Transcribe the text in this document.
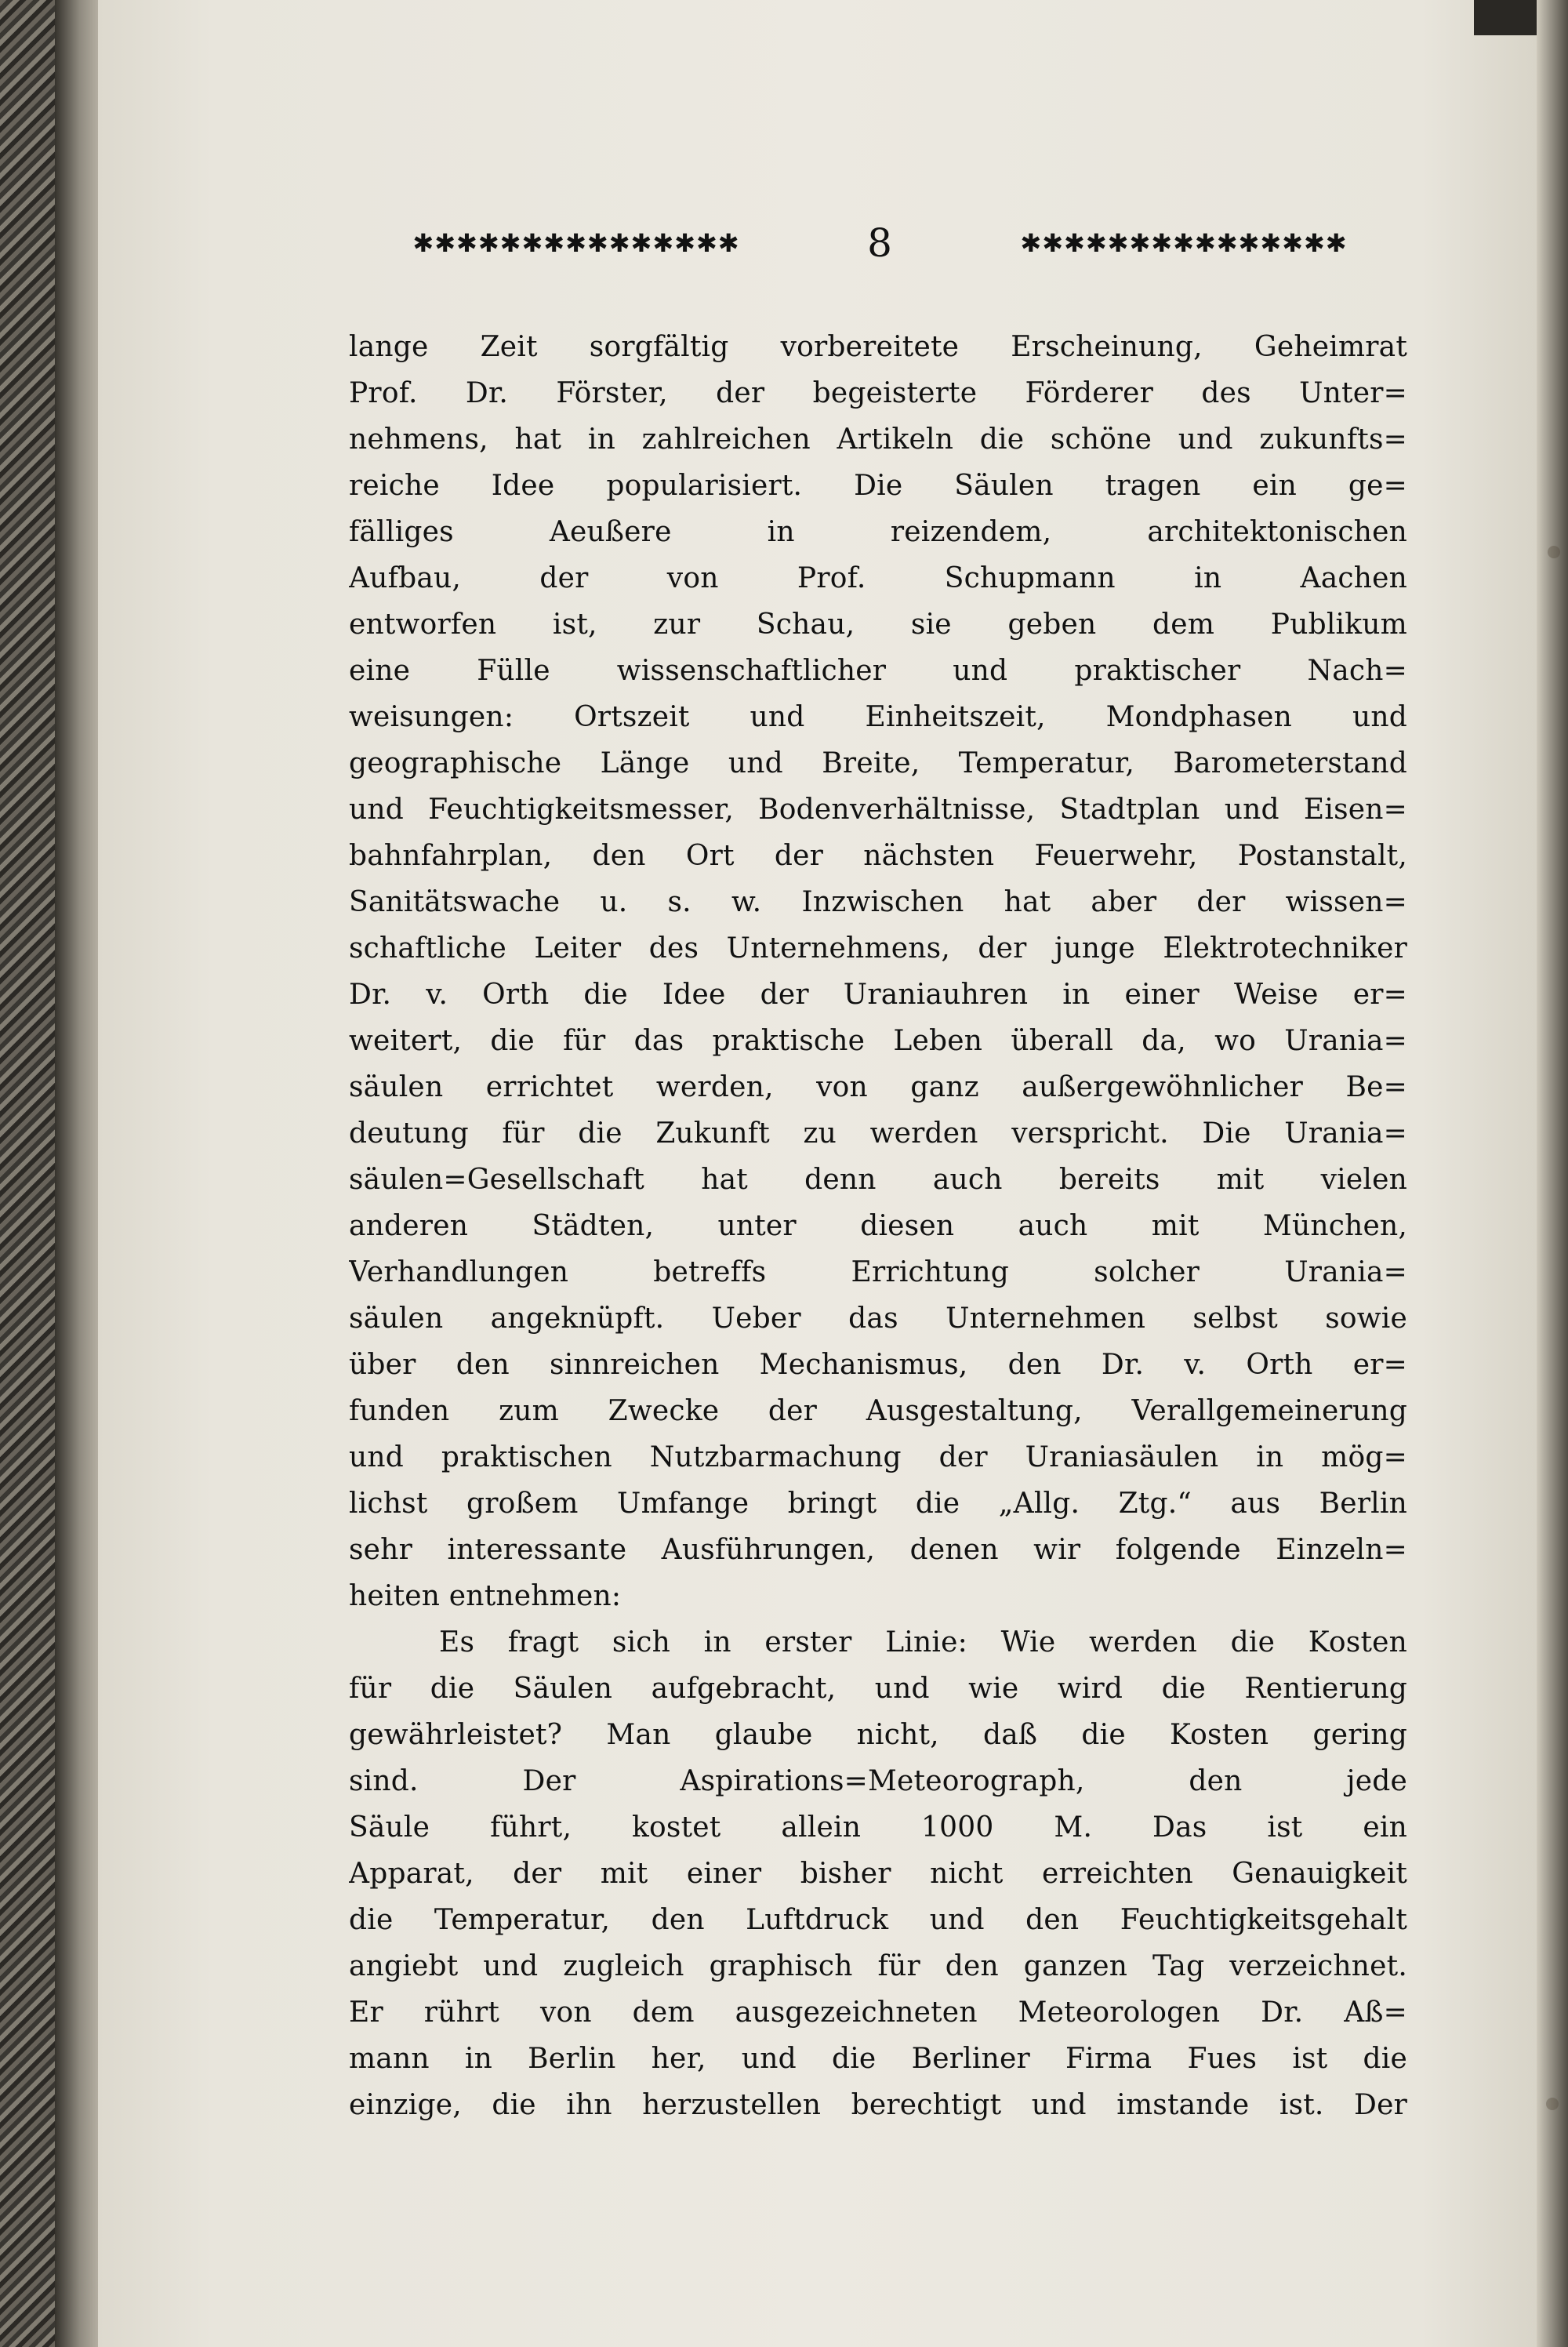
✱✱✱✱✱✱✱✱✱✱✱✱✱✱✱	8	✱✱✱✱✱✱✱✱✱✱✱✱✱✱✱
lange Zeit sorgfältig vorbereitete Erscheinung, Geheimrat
Prof. Dr. Förster, der begeisterte Förderer des Unter=
nehmens, hat in zahlreichen Artikeln die schöne und zukunfts=
reiche Idee popularisiert. Die Säulen tragen ein ge=
fälliges Aeußere in reizendem, architektonischen
Aufbau, der von Prof. Schupmann in Aachen
entworfen ist, zur Schau, sie geben dem Publikum
eine Fülle wissenschaftlicher und praktischer Nach=
weisungen: Ortszeit und Einheitszeit, Mondphasen und
geographische Länge und Breite, Temperatur, Barometerstand
und Feuchtigkeitsmesser, Bodenverhältnisse, Stadtplan und Eisen=
bahnfahrplan, den Ort der nächsten Feuerwehr, Postanstalt,
Sanitätswache u. s. w. Inzwischen hat aber der wissen=
schaftliche Leiter des Unternehmens, der junge Elektrotechniker
Dr. v. Orth die Idee der Uraniauhren in einer Weise er=
weitert, die für das praktische Leben überall da, wo Urania=
säulen errichtet werden, von ganz außergewöhnlicher Be=
deutung für die Zukunft zu werden verspricht. Die Urania=
säulen=Gesellschaft hat denn auch bereits mit vielen
anderen Städten, unter diesen auch mit München,
Verhandlungen betreffs Errichtung solcher Urania=
säulen angeknüpft. Ueber das Unternehmen selbst sowie
über den sinnreichen Mechanismus, den Dr. v. Orth er=
funden zum Zwecke der Ausgestaltung, Verallgemeinerung
und praktischen Nutzbarmachung der Uraniasäulen in mög=
lichst großem Umfange bringt die „Allg. Ztg.“ aus Berlin
sehr interessante Ausführungen, denen wir folgende Einzeln=
heiten entnehmen:
Es fragt sich in erster Linie: Wie werden die Kosten
für die Säulen aufgebracht, und wie wird die Rentierung
gewährleistet? Man glaube nicht, daß die Kosten gering
sind. Der Aspirations=Meteorograph, den jede
Säule führt, kostet allein 1000 M. Das ist ein
Apparat, der mit einer bisher nicht erreichten Genauigkeit
die Temperatur, den Luftdruck und den Feuchtigkeitsgehalt
angiebt und zugleich graphisch für den ganzen Tag verzeichnet.
Er rührt von dem ausgezeichneten Meteorologen Dr. Aß=
mann in Berlin her, und die Berliner Firma Fues ist die
einzige, die ihn herzustellen berechtigt und imstande ist. Der
